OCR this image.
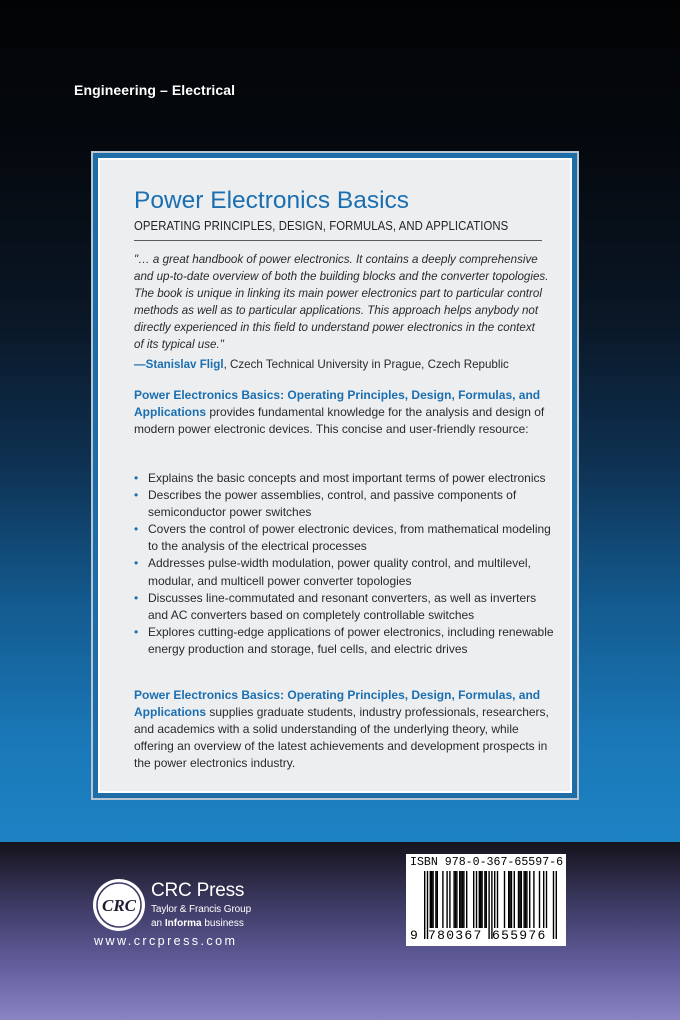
Engineering – Electrical
Power Electronics Basics
OPERATING PRINCIPLES, DESIGN, FORMULAS, AND APPLICATIONS

"… a great handbook of power electronics. It contains a deeply comprehensive

and up-to-date overview of both the building blocks and the converter topologies.

The book is unique in linking its main power electronics part to particular control

methods as well as to particular applications. This approach helps anybody not

directly experienced in this field to understand power electronics in the context

of its typical use."

—Stanislav Fligl, Czech Technical University in Prague, Czech Republic
Power Electronics Basics: Operating Principles, Design, Formulas, and Applications provides fundamental knowledge for the analysis and design of modern power electronic devices. This concise and user-friendly resource:
• Explains the basic concepts and most important terms of power electronics
• Describes the power assemblies, control, and passive components of semiconductor power switches
• Covers the control of power electronic devices, from mathematical modeling to the analysis of the electrical processes
• Addresses pulse-width modulation, power quality control, and multilevel, modular, and multicell power converter topologies
• Discusses line-commutated and resonant converters, as well as inverters and AC converters based on completely controllable switches
• Explores cutting-edge applications of power electronics, including renewable energy production and storage, fuel cells, and electric drives
Power Electronics Basics: Operating Principles, Design, Formulas, and Applications supplies graduate students, industry professionals, researchers, and academics with a solid understanding of the underlying theory, while offering an overview of the latest achievements and development prospects in the power electronics industry.
CRC
CRC Press
Taylor & Francis Group
an Informa business
www.crcpress.com
ISBN 978-0-367-65597-6
9 780367 655976
